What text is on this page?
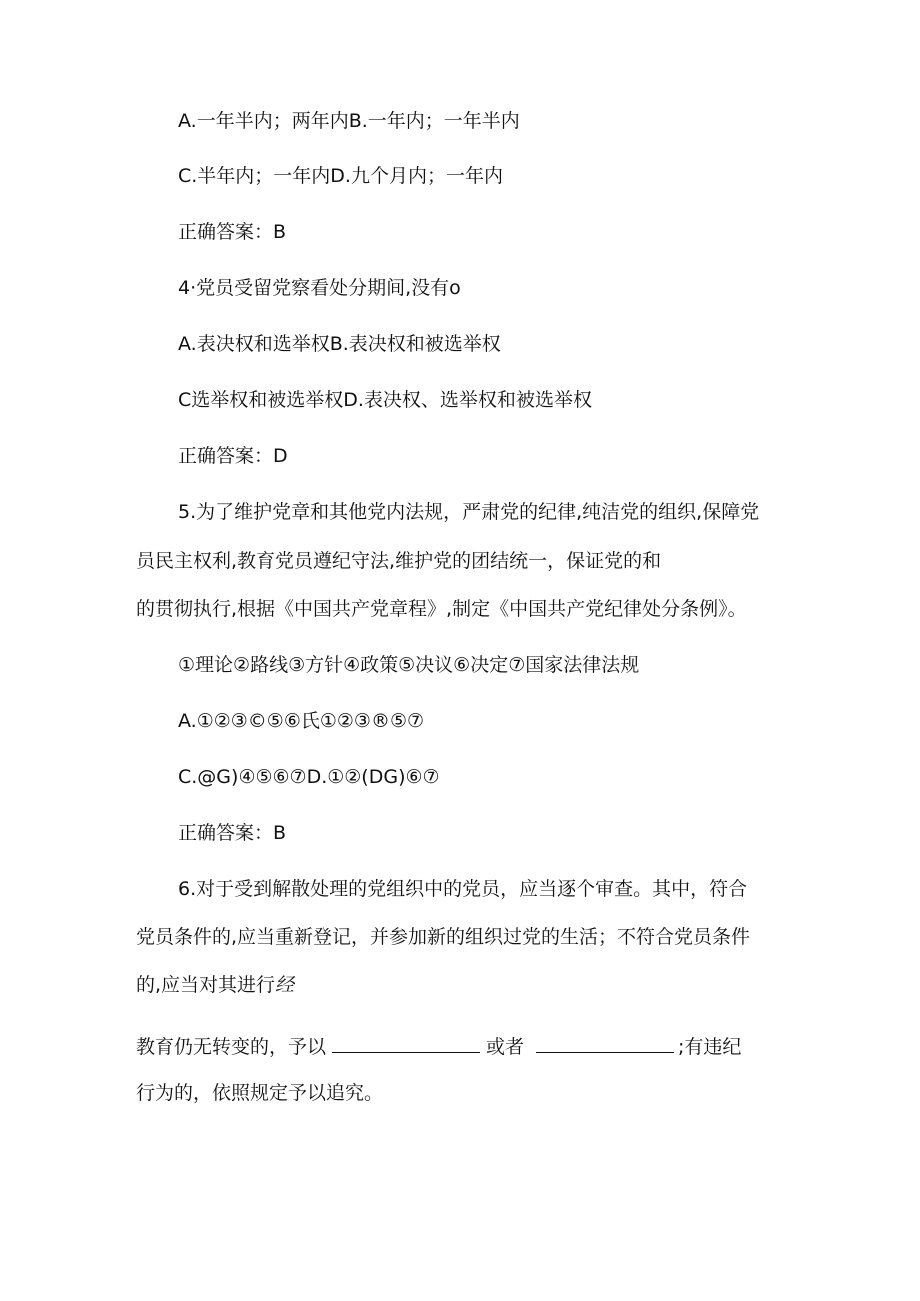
A.一年半内；两年内B.一年内；一年半内

C.半年内；一年内D.九个月内；一年内

正确答案：B

4·党员受留党察看处分期间,没有o

A.表决权和选举权B.表决权和被选举权

C选举权和被选举权D.表决权、选举权和被选举权

正确答案：D

5.为了维护党章和其他党内法规，严肃党的纪律,纯洁党的组织,保障党

员民主权利,教育党员遵纪守法,维护党的团结统一，保证党的和

的贯彻执行,根据《中国共产党章程》,制定《中国共产党纪律处分条例》。

①理论②路线③方针④政策⑤决议⑥决定⑦国家法律法规

A.①②③©⑤⑥氏①②③®⑤⑦

C.@G)④⑤⑥⑦D.①②(DG)⑥⑦

正确答案：B

6.对于受到解散处理的党组织中的党员，应当逐个审查。其中，符合

党员条件的,应当重新登记，并参加新的组织过党的生活；不符合党员条件

的,应当对其进行经

教育仍无转变的，予以	或者	;有违纪

行为的，依照规定予以追究。
